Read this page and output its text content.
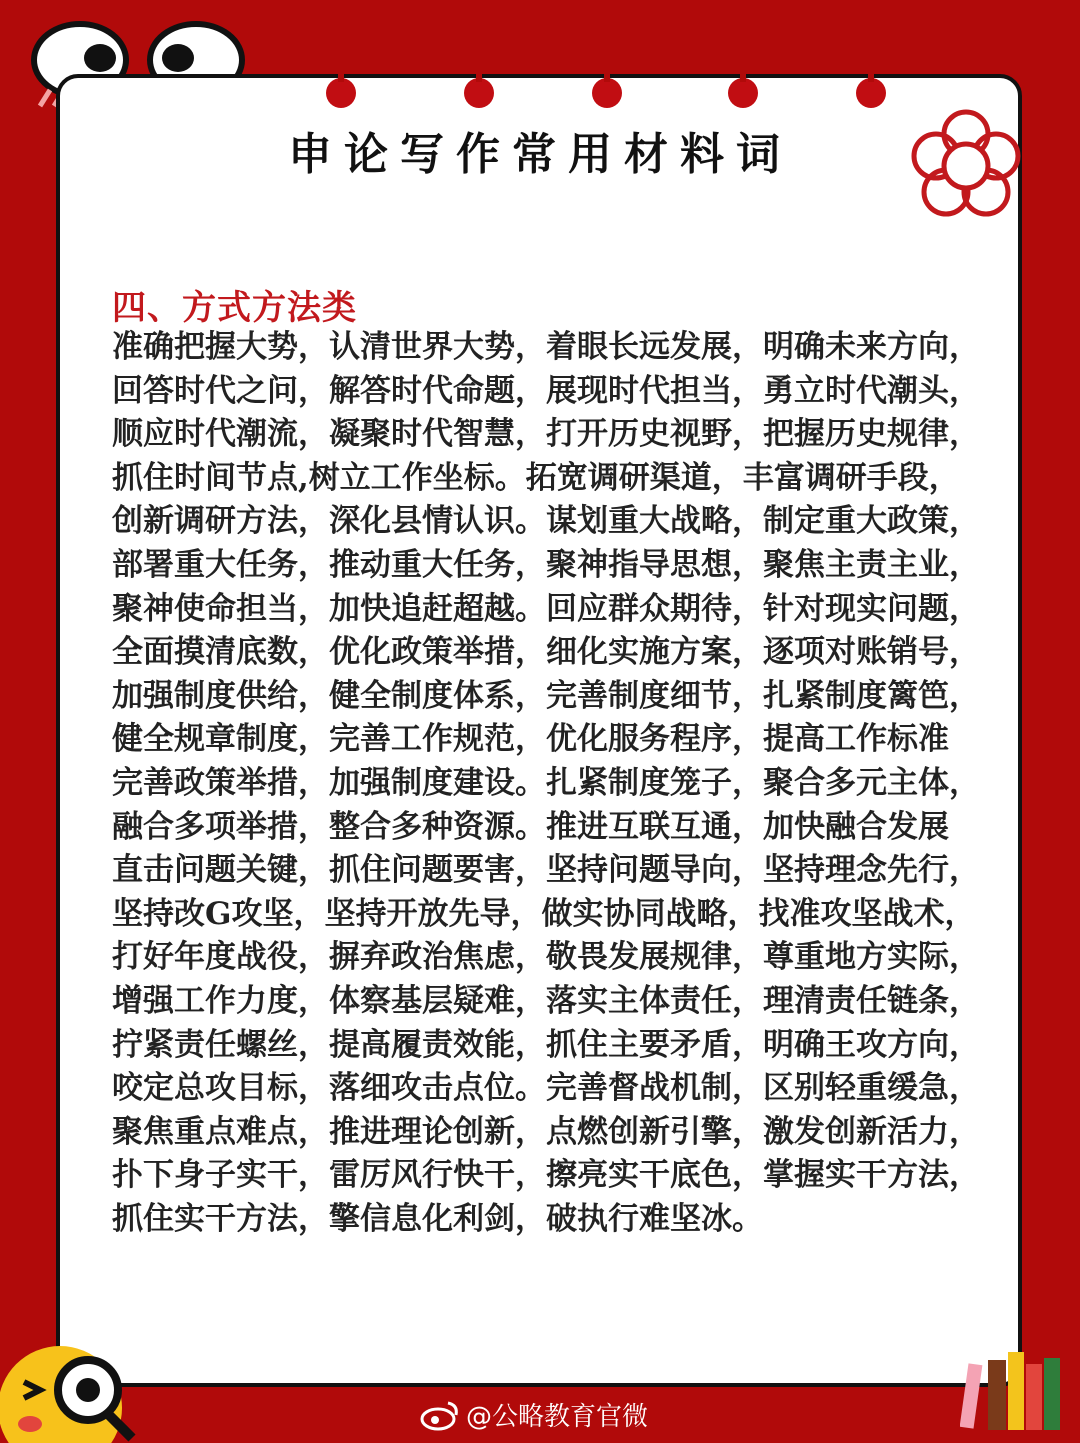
申论写作常用材料词
四、方式方法类
准确把握大势，认清世界大势，着眼长远发展，明确未来方向，
回答时代之问，解答时代命题，展现时代担当，勇立时代潮头，
顺应时代潮流，凝聚时代智慧，打开历史视野，把握历史规律，
抓住时间节点,树立工作坐标。拓宽调研渠道，丰富调研手段，
创新调研方法，深化县情认识。谋划重大战略，制定重大政策，
部署重大任务，推动重大任务，聚神指导思想，聚焦主责主业，
聚神使命担当，加快追赶超越。回应群众期待，针对现实问题，
全面摸清底数，优化政策举措，细化实施方案，逐项对账销号，
加强制度供给，健全制度体系，完善制度细节，扎紧制度篱笆，
健全规章制度，完善工作规范，优化服务程序，提高工作标准
完善政策举措，加强制度建设。扎紧制度笼子，聚合多元主体，
融合多项举措，整合多种资源。推进互联互通，加快融合发展
直击问题关键，抓住问题要害，坚持问题导向，坚持理念先行，
坚持改G攻坚，坚持开放先导，做实协同战略，找准攻坚战术，
打好年度战役，摒弃政治焦虑，敬畏发展规律，尊重地方实际，
增强工作力度，体察基层疑难，落实主体责任，理清责任链条，
拧紧责任螺丝，提高履责效能，抓住主要矛盾，明确王攻方向，
咬定总攻目标，落细攻击点位。完善督战机制，区别轻重缓急，
聚焦重点难点，推进理论创新，点燃创新引擎，激发创新活力，
扑下身子实干，雷厉风行快干，擦亮实干底色，掌握实干方法，
抓住实干方法，擎信息化利剑，破执行难坚冰。
@公略教育官微
